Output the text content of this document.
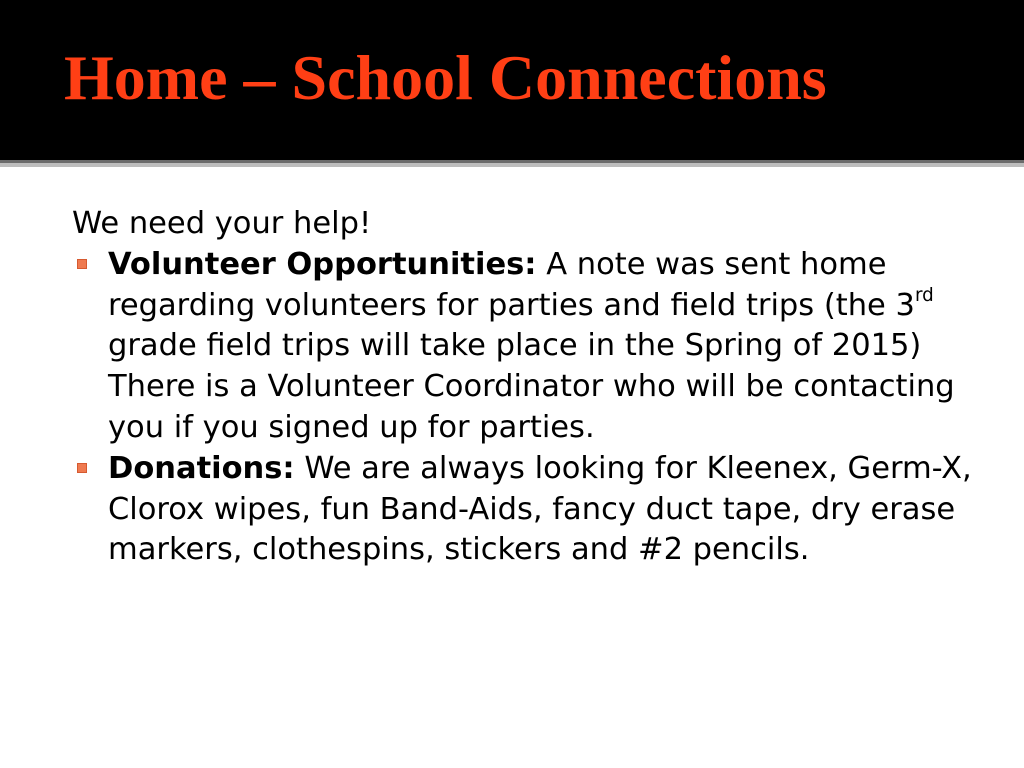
Home – School Connections

We need your help!

Volunteer Opportunities: A note was sent home regarding volunteers for parties and field trips (the 3rd grade field trips will take place in the Spring of 2015) There is a Volunteer Coordinator who will be contacting you if you signed up for parties.
Donations: We are always looking for Kleenex, Germ-X, Clorox wipes, fun Band-Aids, fancy duct tape, dry erase markers, clothespins, stickers and #2 pencils.
